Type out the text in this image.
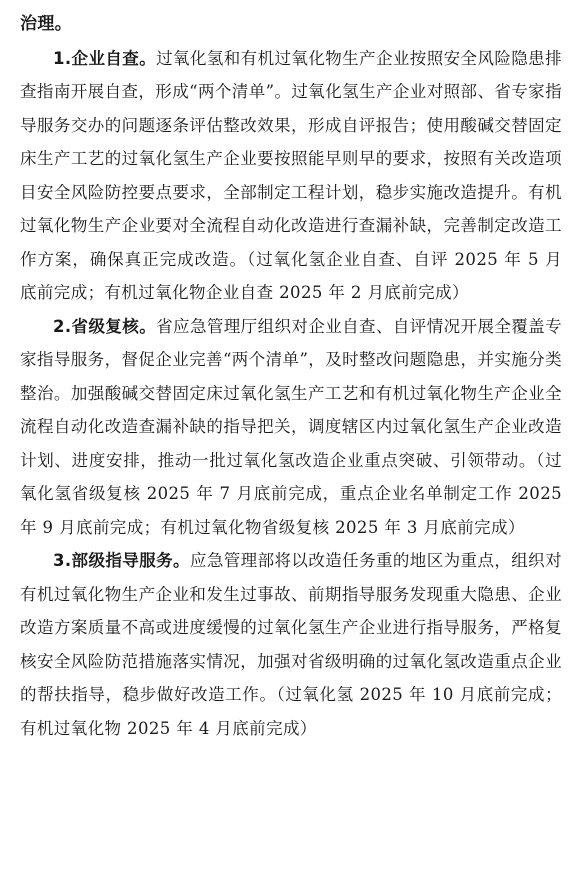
治理。

1.企业自查。过氧化氢和有机过氧化物生产企业按照安全风险隐患排查指南开展自查，形成“两个清单”。过氧化氢生产企业对照部、省专家指导服务交办的问题逐条评估整改效果，形成自评报告；使用酸碱交替固定床生产工艺的过氧化氢生产企业要按照能早则早的要求，按照有关改造项目安全风险防控要点要求，全部制定工程计划，稳步实施改造提升。有机过氧化物生产企业要对全流程自动化改造进行查漏补缺，完善制定改造工作方案，确保真正完成改造。（过氧化氢企业自查、自评 2025 年 5 月底前完成；有机过氧化物企业自查 2025 年 2 月底前完成）

2.省级复核。省应急管理厅组织对企业自查、自评情况开展全覆盖专家指导服务，督促企业完善“两个清单”，及时整改问题隐患，并实施分类整治。加强酸碱交替固定床过氧化氢生产工艺和有机过氧化物生产企业全流程自动化改造查漏补缺的指导把关，调度辖区内过氧化氢生产企业改造计划、进度安排，推动一批过氧化氢改造企业重点突破、引领带动。（过氧化氢省级复核 2025 年 7 月底前完成，重点企业名单制定工作 2025 年 9 月底前完成；有机过氧化物省级复核 2025 年 3 月底前完成）

3.部级指导服务。应急管理部将以改造任务重的地区为重点，组织对有机过氧化物生产企业和发生过事故、前期指导服务发现重大隐患、企业改造方案质量不高或进度缓慢的过氧化氢生产企业进行指导服务，严格复核安全风险防范措施落实情况，加强对省级明确的过氧化氢改造重点企业的帮扶指导，稳步做好改造工作。（过氧化氢 2025 年 10 月底前完成；有机过氧化物 2025 年 4 月底前完成）
